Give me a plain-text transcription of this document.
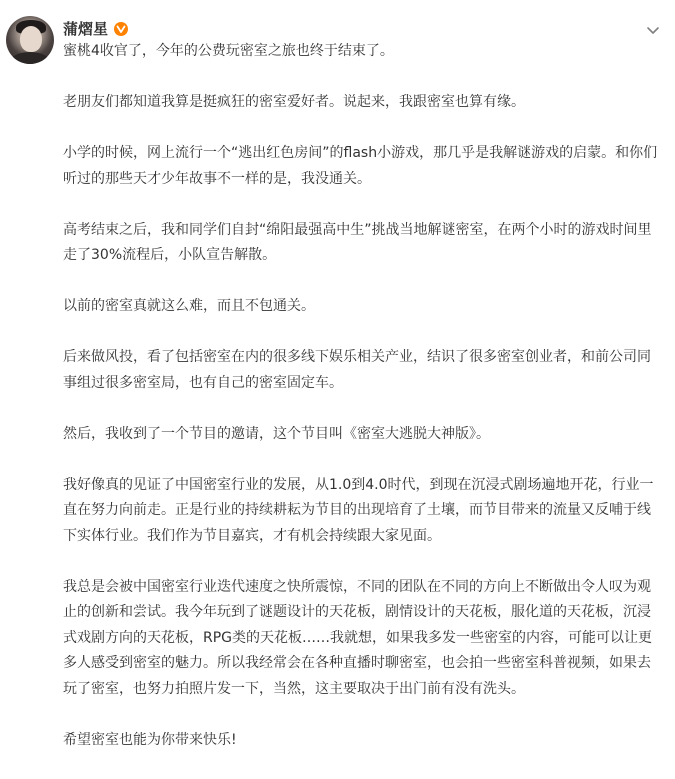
蒲熠星

蜜桃4收官了，今年的公费玩密室之旅也终于结束了。

老朋友们都知道我算是挺疯狂的密室爱好者。说起来，我跟密室也算有缘。

小学的时候，网上流行一个“逃出红色房间”的flash小游戏，那几乎是我解谜游戏的启蒙。和你们听过的那些天才少年故事不一样的是，我没通关。

高考结束之后，我和同学们自封“绵阳最强高中生”挑战当地解谜密室，在两个小时的游戏时间里走了30%流程后，小队宣告解散。

以前的密室真就这么难，而且不包通关。

后来做风投，看了包括密室在内的很多线下娱乐相关产业，结识了很多密室创业者，和前公司同事组过很多密室局，也有自己的密室固定车。

然后，我收到了一个节目的邀请，这个节目叫《密室大逃脱大神版》。

我好像真的见证了中国密室行业的发展，从1.0到4.0时代，到现在沉浸式剧场遍地开花，行业一直在努力向前走。正是行业的持续耕耘为节目的出现培育了土壤，而节目带来的流量又反哺于线下实体行业。我们作为节目嘉宾，才有机会持续跟大家见面。

我总是会被中国密室行业迭代速度之快所震惊，不同的团队在不同的方向上不断做出令人叹为观止的创新和尝试。我今年玩到了谜题设计的天花板，剧情设计的天花板，服化道的天花板，沉浸式戏剧方向的天花板，RPG类的天花板……我就想，如果我多发一些密室的内容，可能可以让更多人感受到密室的魅力。所以我经常会在各种直播时聊密室，也会拍一些密室科普视频，如果去玩了密室，也努力拍照片发一下，当然，这主要取决于出门前有没有洗头。

希望密室也能为你带来快乐!
